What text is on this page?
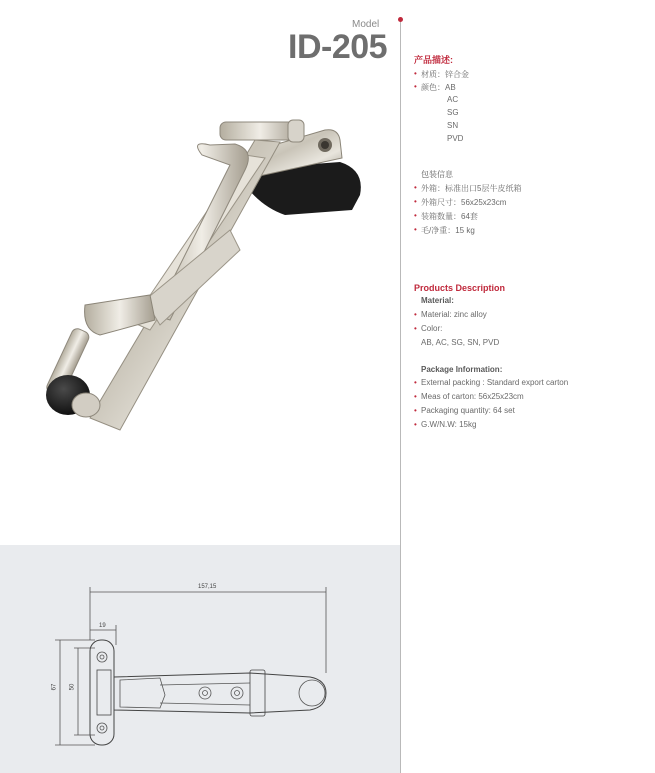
Model
ID-205	产品描述:
• 材质：锌合金
• 颜色：AB
AC
SG
SN
PVD
包装信息
• 外箱：标准出口5层牛皮纸箱
• 外箱尺寸：56x25x23cm
• 装箱数量：64套
• 毛/净重：15 kg
Products Description
Material:
• Material: zinc alloy
• Color:
AB, AC, SG, SN, PVD
Package Information:
• External packing : Standard export carton
• Meas of carton: 56x25x23cm
• Packaging quantity: 64 set
• G.W/N.W: 15kg
157,15
19
67 50
